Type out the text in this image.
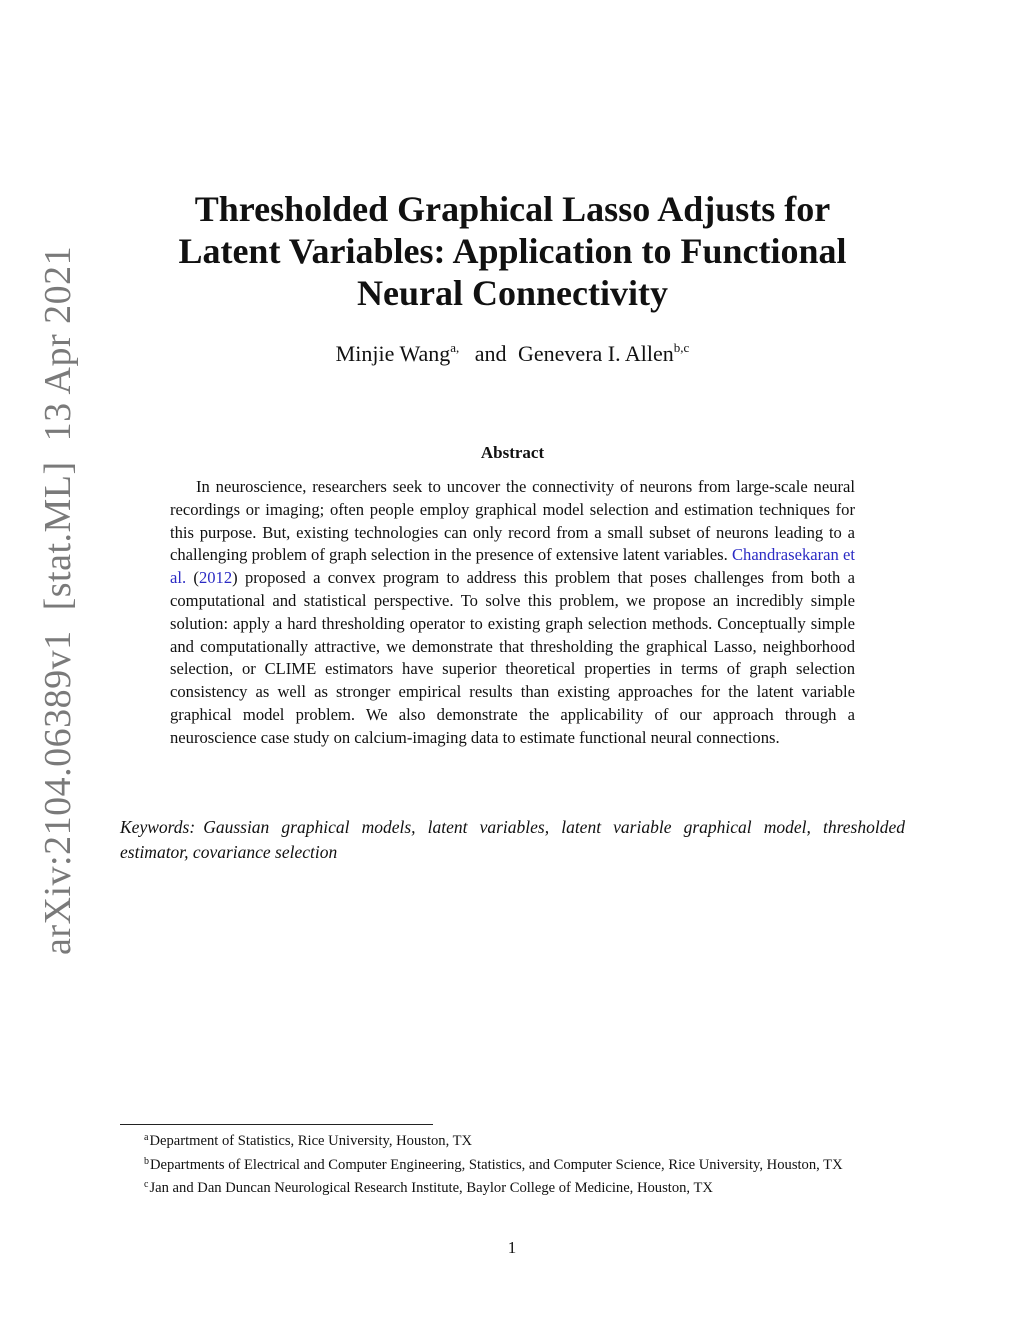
arXiv:2104.06389v1[stat.ML]13 Apr 2021
Thresholded Graphical Lasso Adjusts for
Latent Variables: Application to Functional
Neural Connectivity
Minjie Wang$^{a,}$ and Genevera I. Allen$^{b,c}$
Abstract

In neuroscience, researchers seek to uncover the connectivity of neurons from large-scale neural recordings or imaging; often people employ graphical model selection and estimation techniques for this purpose. But, existing technologies can only record from a small subset of neurons leading to a challenging problem of graph selection in the presence of extensive latent variables. Chandrasekaran et al. (2012) proposed a convex program to address this problem that poses challenges from both a computational and statistical perspective. To solve this problem, we propose an incredibly simple solution: apply a hard thresholding operator to existing graph selection methods. Conceptually simple and computationally attractive, we demonstrate that thresholding the graphical Lasso, neighborhood selection, or CLIME estimators have superior theoretical properties in terms of graph selection consistency as well as stronger empirical results than existing approaches for the latent variable graphical model problem. We also demonstrate the applicability of our approach through a neuroscience case study on calcium-imaging data to estimate functional neural connections.

Keywords: Gaussian graphical models, latent variables, latent variable graphical model, thresholded estimator, covariance selection

$^a$Department of Statistics, Rice University, Houston, TX

$^b$Departments of Electrical and Computer Engineering, Statistics, and Computer Science, Rice University, Houston, TX

$^c$Jan and Dan Duncan Neurological Research Institute, Baylor College of Medicine, Houston, TX

1
